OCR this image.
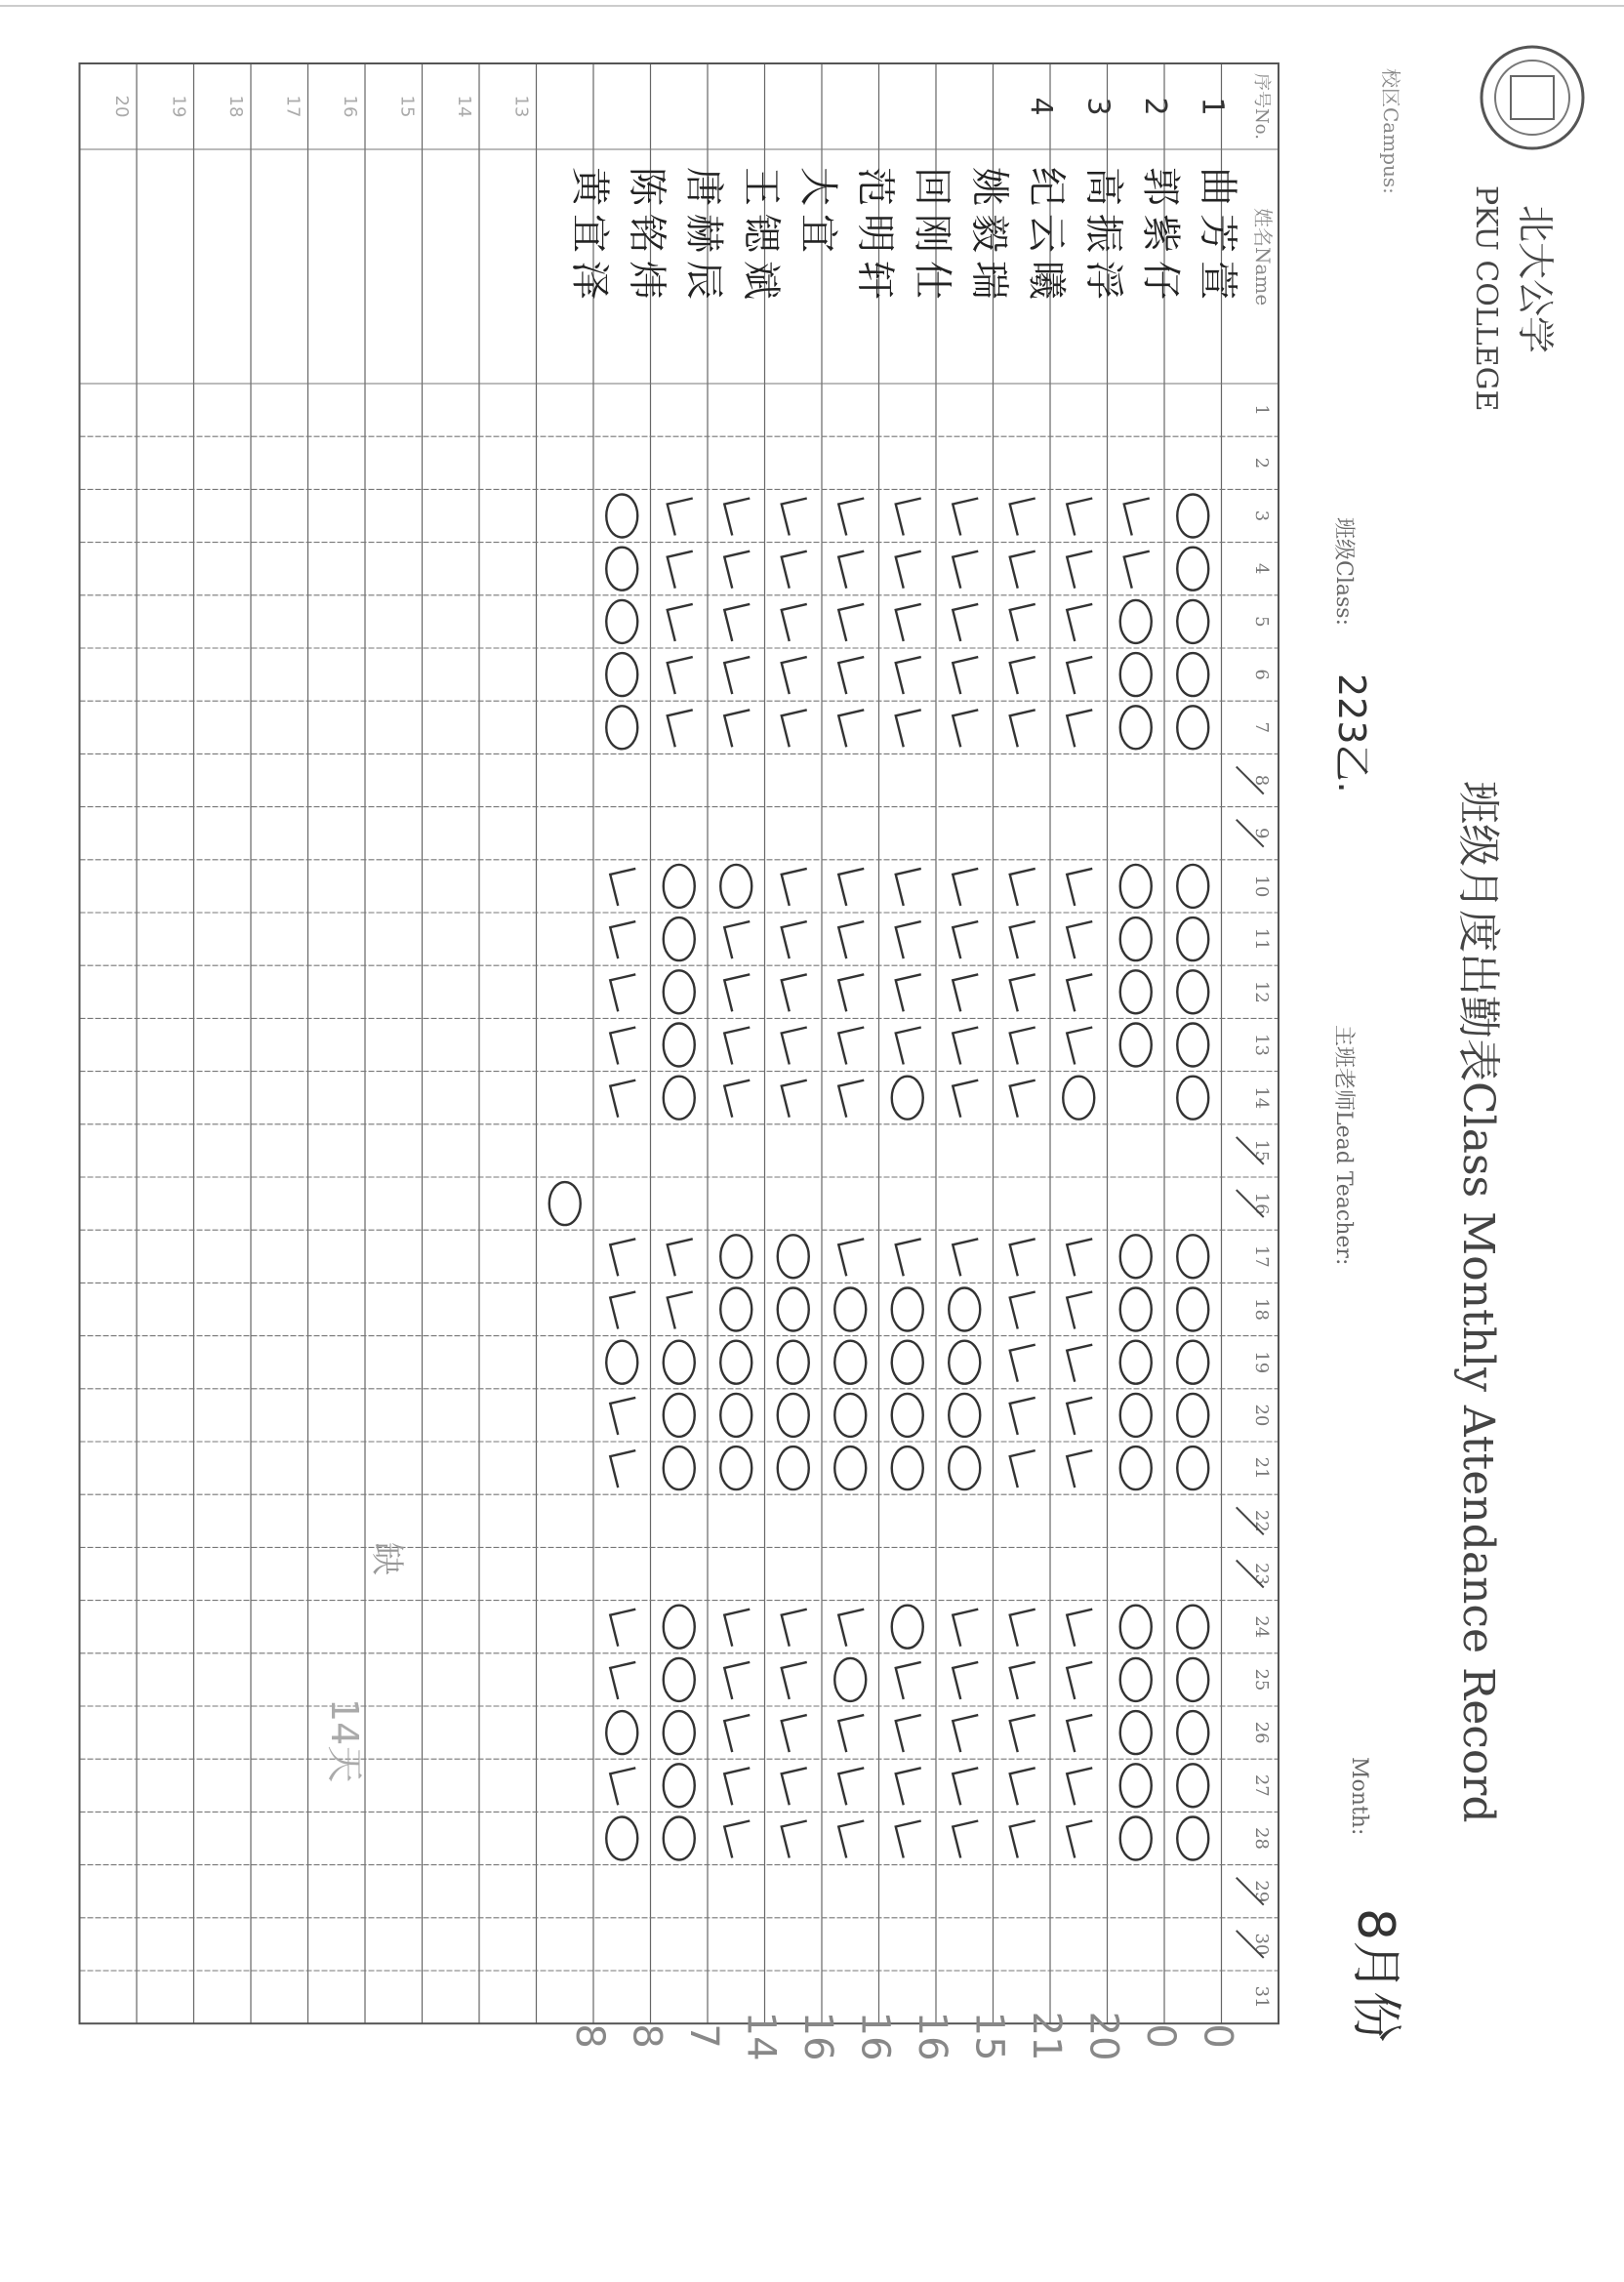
北大公学
PKU COLLEGE
班级月度出勤表Class Monthly Attendance Record
校区Campus:
班级Class:
223乙.
主班老师Lead Teacher:
Month:
8月份
序号No.
姓名Name
1
2
3
4
5
6
7
8
9
10
11
12
13
14
15
16
17
18
19
20
21
22
23
24
25
26
27
28
29
30
31
曲芳萱
郭紫仔
高振浮
纪云曦
姚毅瑞
回刚仕
范明轩
大宜
王锶斌
唐赫辰
陈铭炜
黄宜泽
0
0
20
21
15
16
16
16
14
7
8
8
1
2
3
4
13
14
15
16
17
18
19
20
缺
14天
